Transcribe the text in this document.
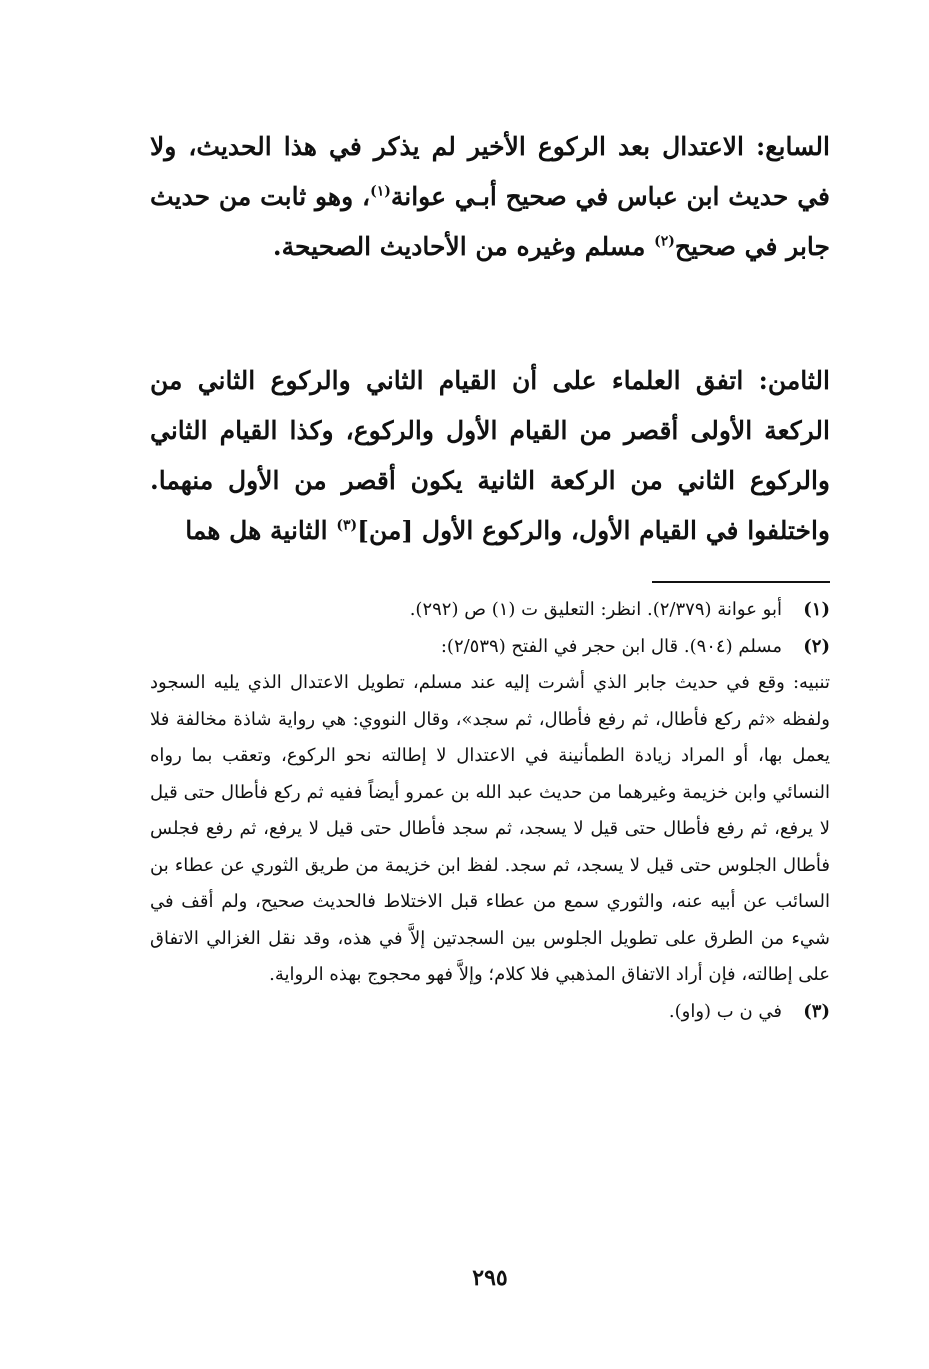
السابع: الاعتدال بعد الركوع الأخير لم يذكر في هذا الحديث، ولا في حديث ابن عباس في صحيح أبـي عوانة$^{(١)}$، وهو ثابت من حديث جابر في صحيح$^{(٢)}$ مسلم وغيره من الأحاديث الصحيحة.

الثامن: اتفق العلماء على أن القيام الثاني والركوع الثاني من الركعة الأولى أقصر من القيام الأول والركوع، وكذا القيام الثاني والركوع الثاني من الركعة الثانية يكون أقصر من الأول منهما. واختلفوا في القيام الأول، والركوع الأول [من]$^{(٣)}$ الثانية هل هما

(١)
أبو عوانة (٢/٣٧٩). انظر: التعليق ت (١) ص (٢٩٢).
(٢)
مسلم (٩٠٤). قال ابن حجر في الفتح (٢/٥٣٩):

تنبيه: وقع في حديث جابر الذي أشرت إليه عند مسلم، تطويل الاعتدال الذي يليه السجود ولفظه «ثم ركع فأطال، ثم رفع فأطال، ثم سجد»، وقال النووي: هي رواية شاذة مخالفة فلا يعمل بها، أو المراد زيادة الطمأنينة في الاعتدال لا إطالته نحو الركوع، وتعقب بما رواه النسائي وابن خزيمة وغيرهما من حديث عبد الله بن عمرو أيضاً ففيه ثم ركع فأطال حتى قيل لا يرفع، ثم رفع فأطال حتى قيل لا يسجد، ثم سجد فأطال حتى قيل لا يرفع، ثم رفع فجلس فأطال الجلوس حتى قيل لا يسجد، ثم سجد. لفظ ابن خزيمة من طريق الثوري عن عطاء بن السائب عن أبيه عنه، والثوري سمع من عطاء قبل الاختلاط فالحديث صحيح، ولم أقف في شيء من الطرق على تطويل الجلوس بين السجدتين إلاَّ في هذه، وقد نقل الغزالي الاتفاق على إطالته، فإن أراد الاتفاق المذهبي فلا كلام؛ وإلاَّ فهو محجوج بهذه الرواية.

(٣)
في ن ب (واو).
٢٩٥
